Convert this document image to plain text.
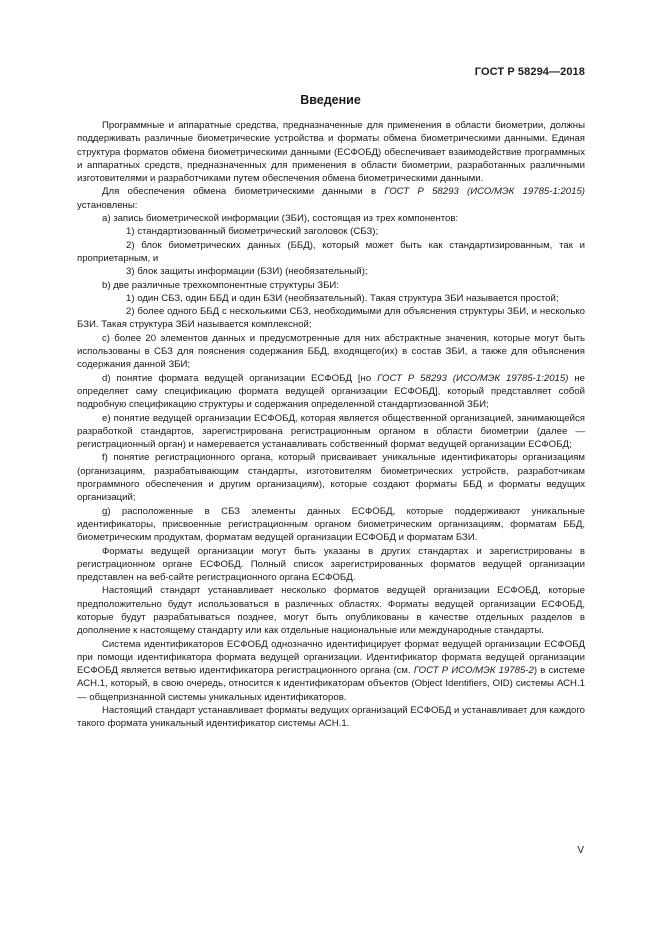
ГОСТ Р 58294—2018
Введение

Программные и аппаратные средства, предназначенные для применения в области биометрии, должны поддерживать различные биометрические устройства и форматы обмена биометрическими данными. Единая структура форматов обмена биометрическими данными (ЕСФОБД) обеспечивает взаимодействие программных и аппаратных средств, предназначенных для применения в области биометрии, разработанных различными изготовителями и разработчиками путем обеспечения обмена биометрическими данными.

Для обеспечения обмена биометрическими данными в ГОСТ Р 58293 (ИСО/МЭК 19785-1:2015) установлены:

a) запись биометрической информации (ЗБИ), состоящая из трех компонентов:

1) стандартизованный биометрический заголовок (СБЗ);

2) блок биометрических данных (ББД), который может быть как стандартизированным, так и проприетарным, и

3) блок защиты информации (БЗИ) (необязательный);

b) две различные трехкомпонентные структуры ЗБИ:

1) один СБЗ, один ББД и один БЗИ (необязательный). Такая структура ЗБИ называется простой;

2) более одного ББД с несколькими СБЗ, необходимыми для объяснения структуры ЗБИ, и несколько БЗИ. Такая структура ЗБИ называется комплексной;

c) более 20 элементов данных и предусмотренные для них абстрактные значения, которые могут быть использованы в СБЗ для пояснения содержания ББД, входящего(их) в состав ЗБИ, а также для объяснения содержания данной ЗБИ;

d) понятие формата ведущей организации ЕСФОБД [но ГОСТ Р 58293 (ИСО/МЭК 19785-1:2015) не определяет саму спецификацию формата ведущей организации ЕСФОБД], который представляет собой подробную спецификацию структуры и содержания определенной стандартизованной ЗБИ;

e) понятие ведущей организации ЕСФОБД, которая является общественной организацией, занимающейся разработкой стандартов, зарегистрирована регистрационным органом в области биометрии (далее — регистрационный орган) и намеревается устанавливать собственный формат ведущей организации ЕСФОБД;

f) понятие регистрационного органа, который присваивает уникальные идентификаторы организациям (организациям, разрабатывающим стандарты, изготовителям биометрических устройств, разработчикам программного обеспечения и другим организациям), которые создают форматы ББД и форматы ведущих организаций;

g) расположенные в СБЗ элементы данных ЕСФОБД, которые поддерживают уникальные идентификаторы, присвоенные регистрационным органом биометрическим организациям, форматам ББД, биометрическим продуктам, форматам ведущей организации ЕСФОБД и форматам БЗИ.

Форматы ведущей организации могут быть указаны в других стандартах и зарегистрированы в регистрационном органе ЕСФОБД. Полный список зарегистрированных форматов ведущей организации представлен на веб-сайте регистрационного органа ЕСФОБД.

Настоящий стандарт устанавливает несколько форматов ведущей организации ЕСФОБД, которые предположительно будут использоваться в различных областях. Форматы ведущей организации ЕСФОБД, которые будут разрабатываться позднее, могут быть опубликованы в качестве отдельных разделов в дополнение к настоящему стандарту или как отдельные национальные или международные стандарты.

Система идентификаторов ЕСФОБД однозначно идентифицирует формат ведущей организации ЕСФОБД при помощи идентификатора формата ведущей организации. Идентификатор формата ведущей организации ЕСФОБД является ветвью идентификатора регистрационного органа (см. ГОСТ Р ИСО/МЭК 19785-2) в системе АСН.1, который, в свою очередь, относится к идентификаторам объектов (Object Identifiers, OID) системы АСН.1 — общепризнанной системы уникальных идентификаторов.

Настоящий стандарт устанавливает форматы ведущих организаций ЕСФОБД и устанавливает для каждого такого формата уникальный идентификатор системы АСН.1.

V
